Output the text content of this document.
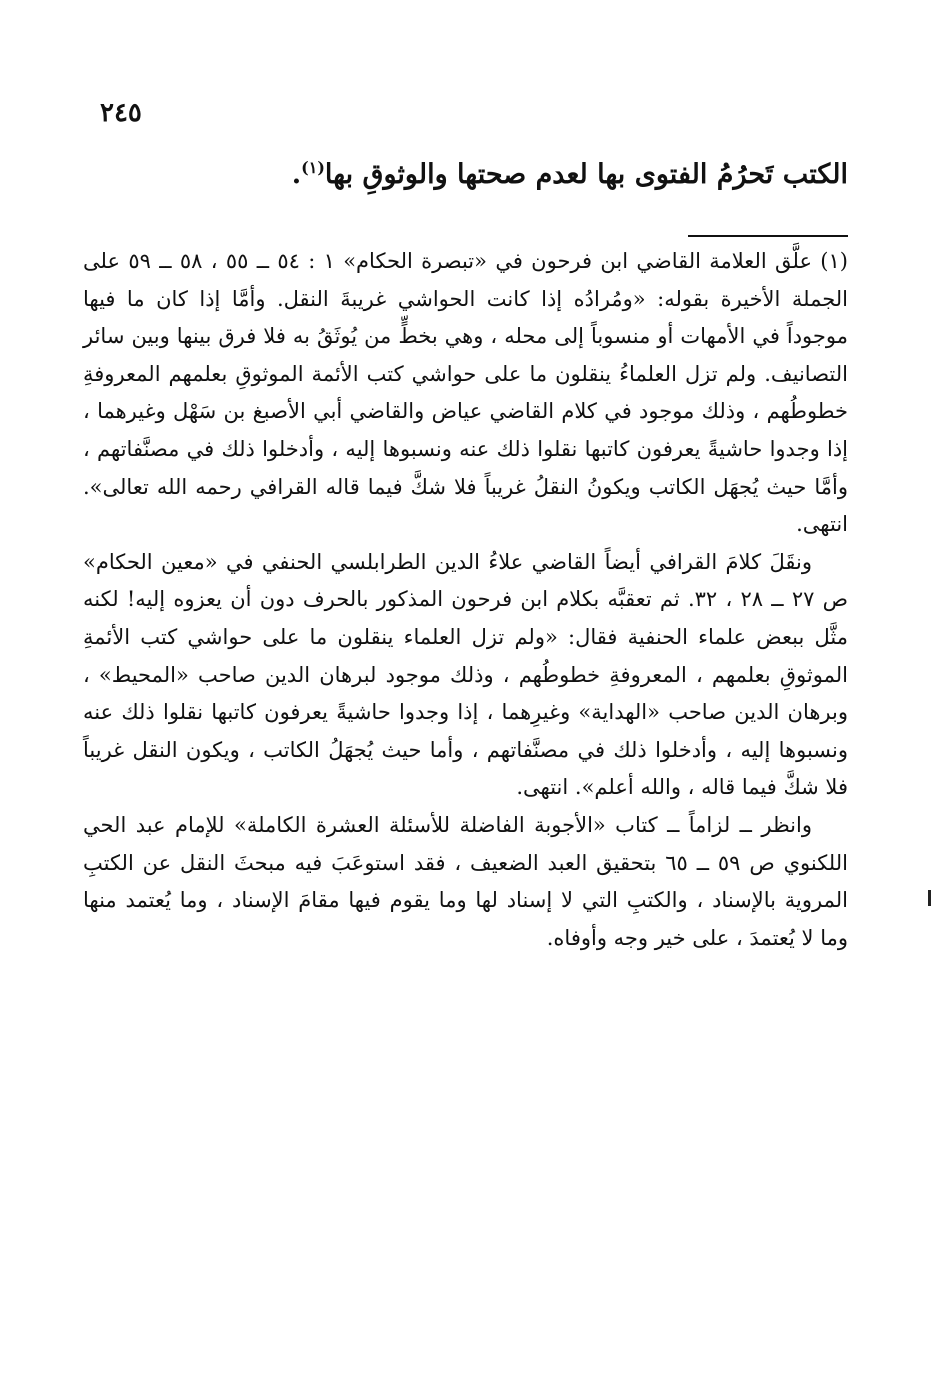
٢٤٥
الكتب تَحرُمُ الفتوى بها لعدم صحتها والوثوقِ بها$^{(١)}$.

(١) علَّق العلامة القاضي ابن فرحون في «تبصرة الحكام» ١ : ٥٤ ــ ٥٥ ، ٥٨ ــ ٥٩ على الجملة الأخيرة بقوله: «ومُرادُه إذا كانت الحواشي غريبةَ النقل. وأمَّا إذا كان ما فيها موجوداً في الأمهات أو منسوباً إلى محله ، وهي بخطٍّ من يُوثَقُ به فلا فرق بينها وبين سائر التصانيف. ولم تزل العلماءُ ينقلون ما على حواشي كتب الأئمة الموثوقِ بعلمهم المعروفةِ خطوطُهم ، وذلك موجود في كلام القاضي عياض والقاضي أبي الأصبغ بن سَهْل وغيرهما ، إذا وجدوا حاشيةً يعرفون كاتبها نقلوا ذلك عنه ونسبوها إليه ، وأدخلوا ذلك في مصنَّفاتهم ، وأمَّا حيث يُجهَل الكاتب ويكونُ النقلُ غريباً فلا شكَّ فيما قاله القرافي رحمه الله تعالى». انتهى.

ونقَلَ كلامَ القرافي أيضاً القاضي علاءُ الدين الطرابلسي الحنفي في «معين الحكام» ص ٢٧ ــ ٢٨ ، ٣٢. ثم تعقبَّه بكلام ابن فرحون المذكور بالحرف دون أن يعزوه إليه! لكنه مثَّل ببعض علماء الحنفية فقال: «ولم تزل العلماء ينقلون ما على حواشي كتب الأئمةِ الموثوقِ بعلمهم ، المعروفةِ خطوطُهم ، وذلك موجود لبرهان الدين صاحب «المحيط» ، وبرهان الدين صاحب «الهداية» وغيرِهما ، إذا وجدوا حاشيةً يعرفون كاتبها نقلوا ذلك عنه ونسبوها إليه ، وأدخلوا ذلك في مصنَّفاتهم ، وأما حيث يُجهَلُ الكاتب ، ويكون النقل غريباً فلا شكَّ فيما قاله ، والله أعلم». انتهى.

وانظر ــ لزاماً ــ كتاب «الأجوبة الفاضلة للأسئلة العشرة الكاملة» للإمام عبد الحي اللكنوي ص ٥٩ ــ ٦٥ بتحقيق العبد الضعيف ، فقد استوعَبَ فيه مبحثَ النقل عن الكتبِ المروية بالإسناد ، والكتبِ التي لا إسناد لها وما يقوم فيها مقامَ الإسناد ، وما يُعتمد منها وما لا يُعتمدَ ، على خير وجه وأوفاه.
